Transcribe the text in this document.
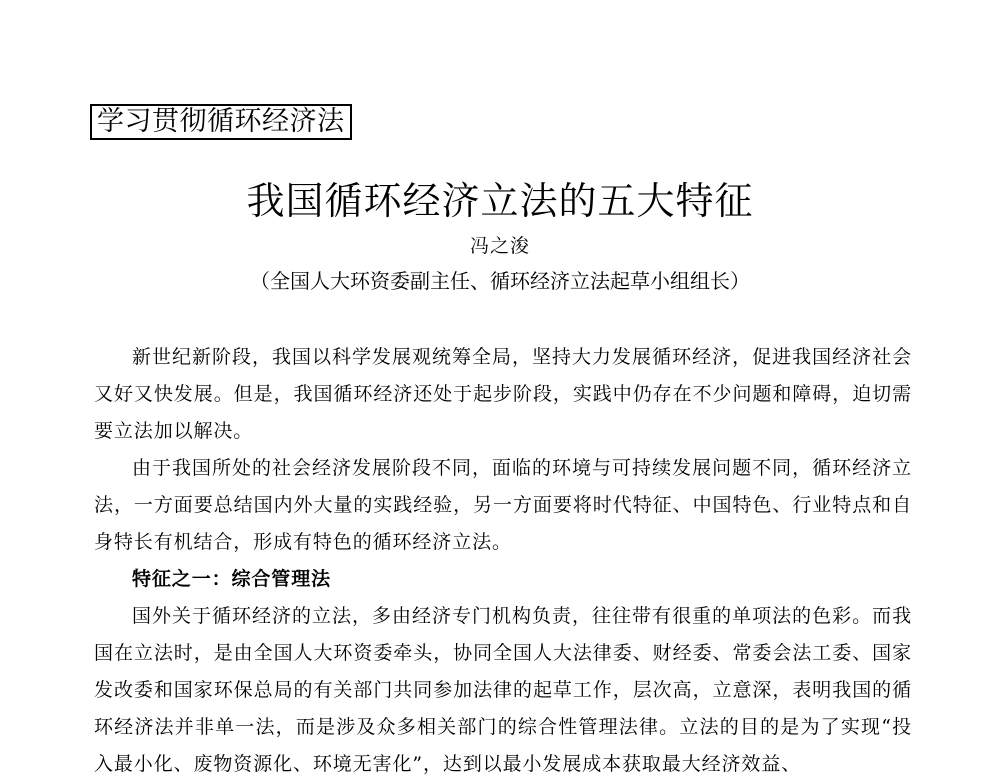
学习贯彻循环经济法
我国循环经济立法的五大特征
冯之浚
（全国人大环资委副主任、循环经济立法起草小组组长）

新世纪新阶段，我国以科学发展观统筹全局，坚持大力发展循环经济，促进我国经济社会又好又快发展。但是，我国循环经济还处于起步阶段，实践中仍存在不少问题和障碍，迫切需要立法加以解决。

由于我国所处的社会经济发展阶段不同，面临的环境与可持续发展问题不同，循环经济立法，一方面要总结国内外大量的实践经验，另一方面要将时代特征、中国特色、行业特点和自身特长有机结合，形成有特色的循环经济立法。

特征之一：综合管理法

国外关于循环经济的立法，多由经济专门机构负责，往往带有很重的单项法的色彩。而我国在立法时，是由全国人大环资委牵头，协同全国人大法律委、财经委、常委会法工委、国家发改委和国家环保总局的有关部门共同参加法律的起草工作，层次高，立意深，表明我国的循环经济法并非单一法，而是涉及众多相关部门的综合性管理法律。立法的目的是为了实现“投入最小化、废物资源化、环境无害化”，达到以最小发展成本获取最大经济效益、
